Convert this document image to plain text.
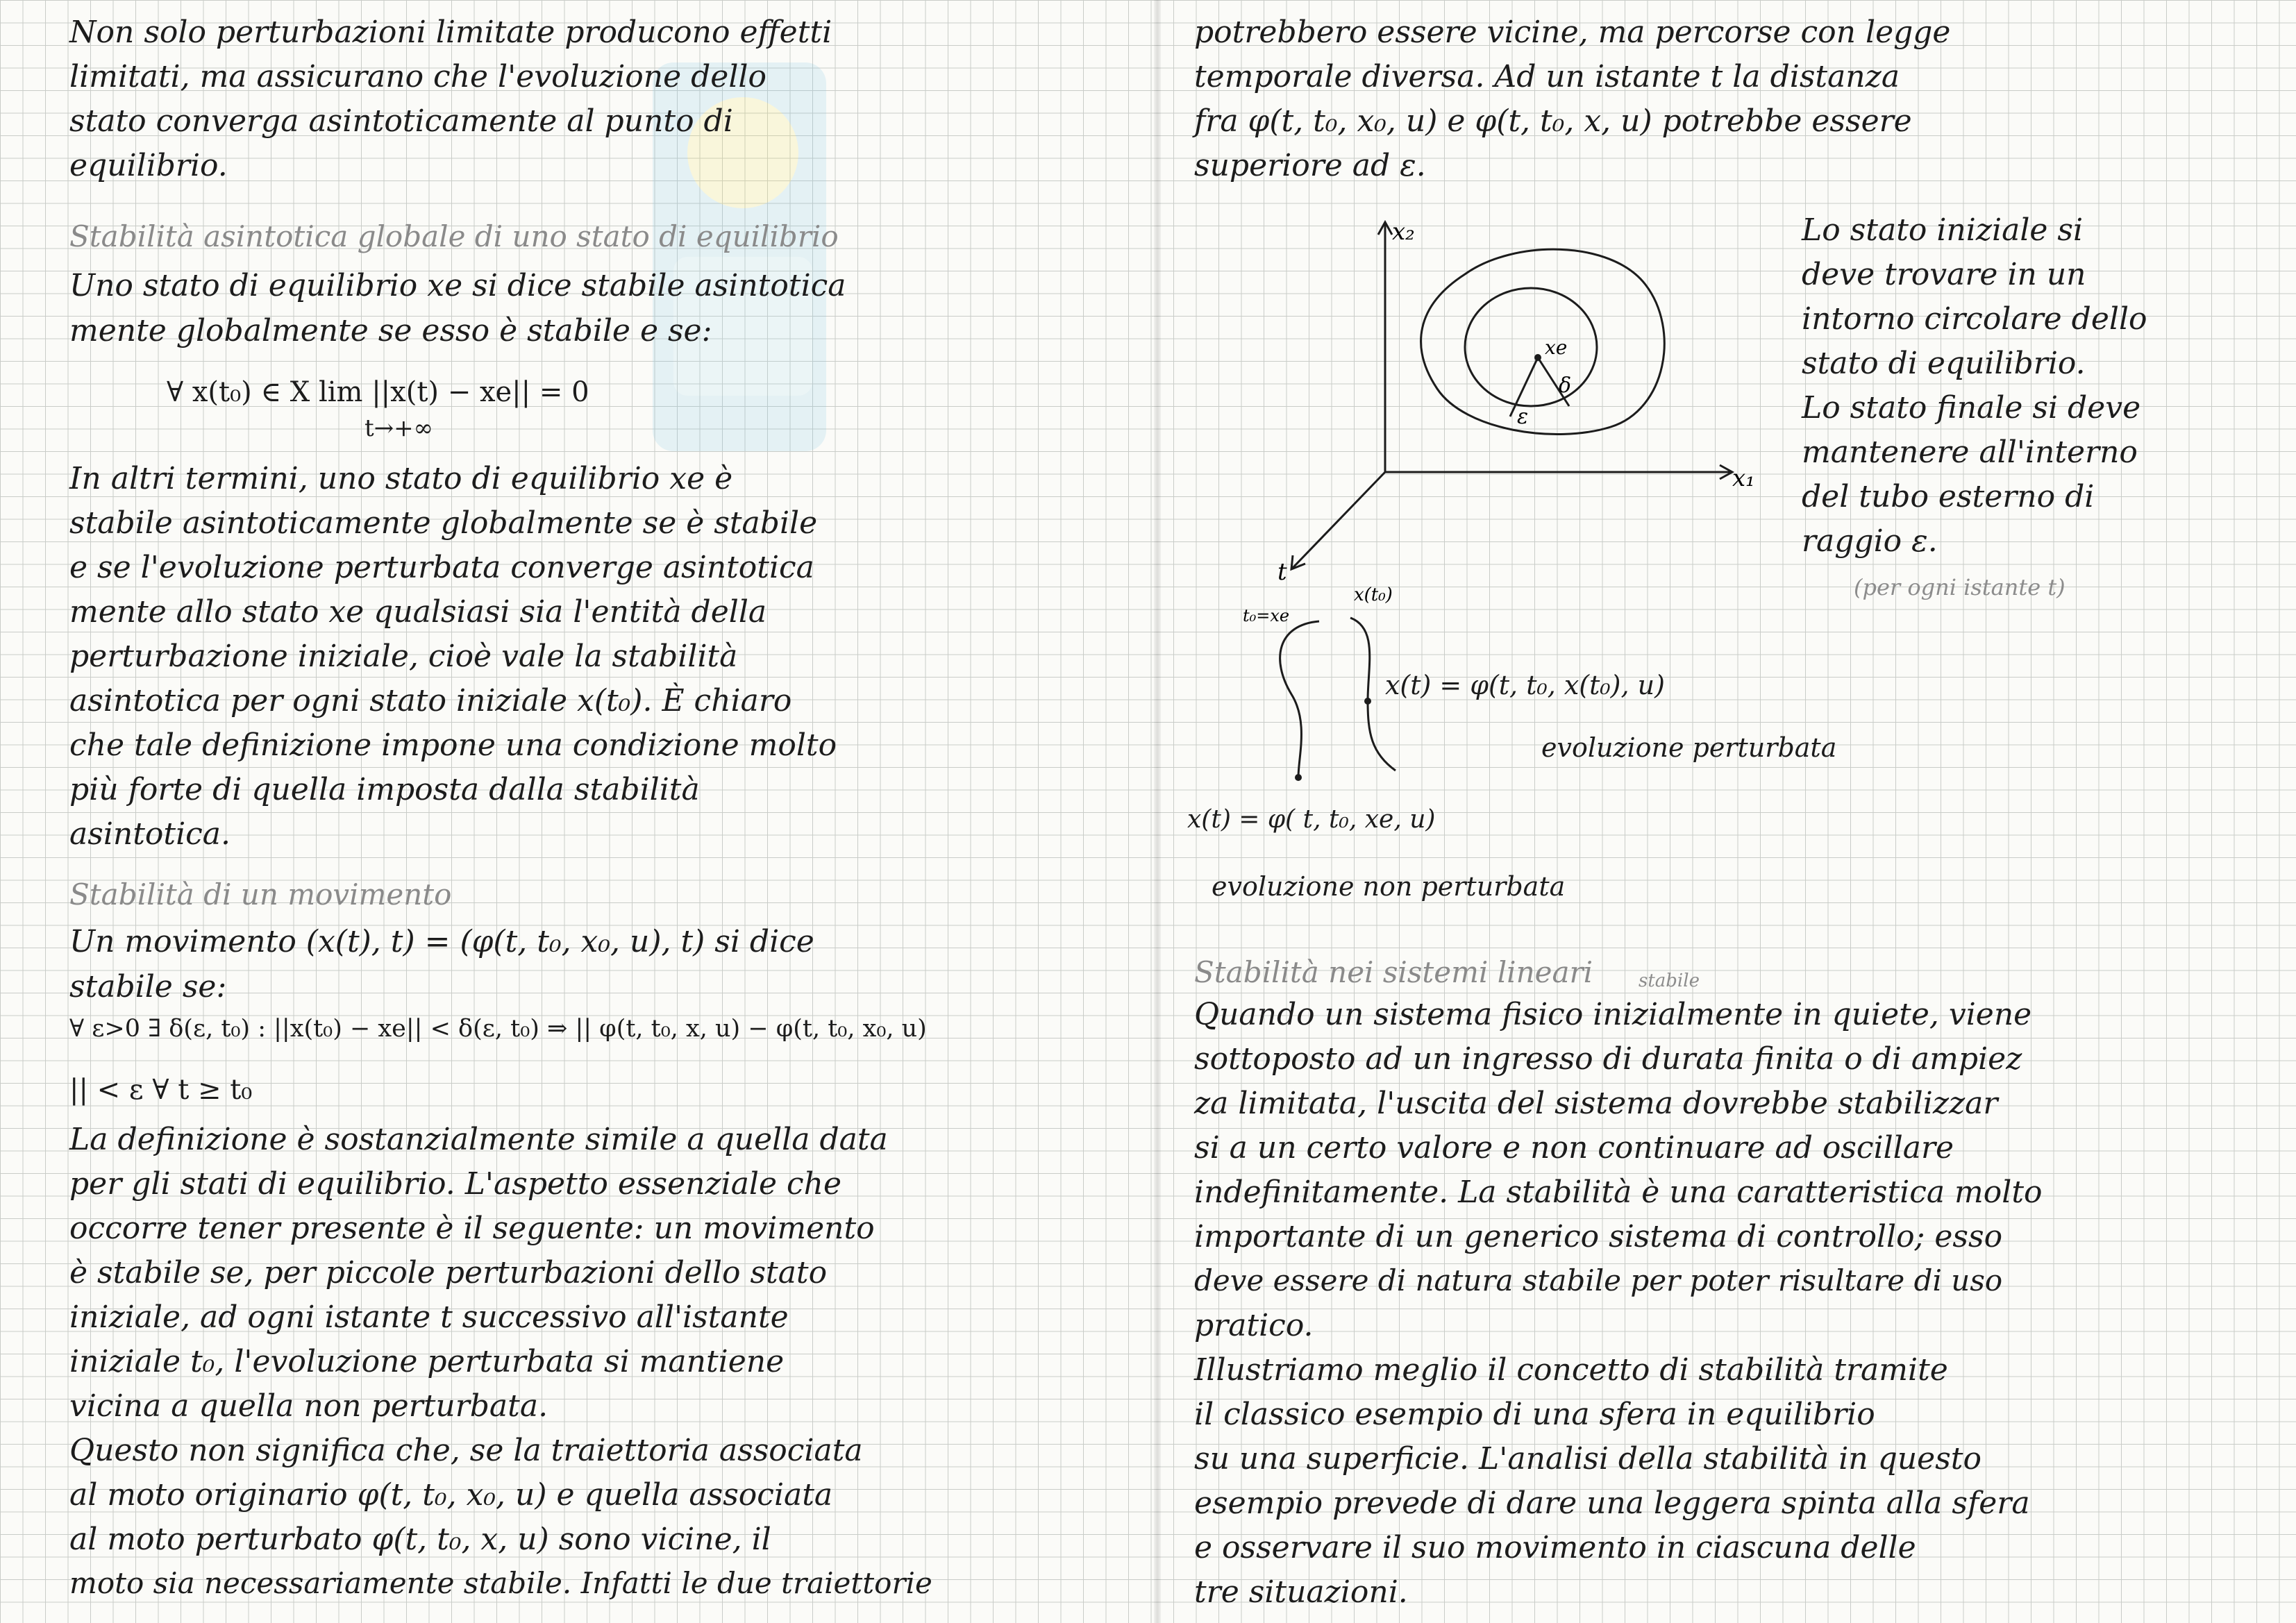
Non solo perturbazioni limitate producono effetti
limitati, ma assicurano che l'evoluzione dello
stato converga asintoticamente al punto di
equilibrio.
Stabilità asintotica globale di uno stato di equilibrio
Uno stato di equilibrio xe si dice stabile asintotica
mente globalmente se esso è stabile e se:
∀ x(t₀) ∈ X lim ||x(t) − xe|| = 0
t→+∞
In altri termini, uno stato di equilibrio xe è
stabile asintoticamente globalmente se è stabile
e se l'evoluzione perturbata converge asintotica
mente allo stato xe qualsiasi sia l'entità della
perturbazione iniziale, cioè vale la stabilità
asintotica per ogni stato iniziale x(t₀). È chiaro
che tale definizione impone una condizione molto
più forte di quella imposta dalla stabilità
asintotica.
Stabilità di un movimento
Un movimento (x(t), t) = (φ(t, t₀, x₀, u), t) si dice
stabile se:
∀ ε>0 ∃ δ(ε, t₀) : ||x(t₀) − xe|| < δ(ε, t₀) ⇒ || φ(t, t₀, x, u) − φ(t, t₀, x₀, u)
|| < ε ∀ t ≥ t₀
La definizione è sostanzialmente simile a quella data
per gli stati di equilibrio. L'aspetto essenziale che
occorre tener presente è il seguente: un movimento
è stabile se, per piccole perturbazioni dello stato
iniziale, ad ogni istante t successivo all'istante
iniziale t₀, l'evoluzione perturbata si mantiene
vicina a quella non perturbata.
Questo non significa che, se la traiettoria associata
al moto originario φ(t, t₀, x₀, u) e quella associata
al moto perturbato φ(t, t₀, x, u) sono vicine, il
moto sia necessariamente stabile. Infatti le due traiettorie
potrebbero essere vicine, ma percorse con legge
temporale diversa. Ad un istante t la distanza
fra φ(t, t₀, x₀, u) e φ(t, t₀, x, u) potrebbe essere
superiore ad ε.
Lo stato iniziale si
deve trovare in un
intorno circolare dello
stato di equilibrio.
Lo stato finale si deve
mantenere all'interno
del tubo esterno di
raggio ε.
(per ogni istante t)
Stabilità nei sistemi lineari	stabile
Quando un sistema fisico inizialmente in quiete, viene
sottoposto ad un ingresso di durata finita o di ampiez
za limitata, l'uscita del sistema dovrebbe stabilizzar
si a un certo valore e non continuare ad oscillare
indefinitamente. La stabilità è una caratteristica molto
importante di un generico sistema di controllo; esso
deve essere di natura stabile per poter risultare di uso
pratico.
Illustriamo meglio il concetto di stabilità tramite
il classico esempio di una sfera in equilibrio
su una superficie. L'analisi della stabilità in questo
esempio prevede di dare una leggera spinta alla sfera
e osservare il suo movimento in ciascuna delle
tre situazioni.
x₂
x₁
t
xe
δ
ε
t₀=xe
x(t₀)
x(t) = φ(t, t₀, x(t₀), u)
evoluzione perturbata
x(t) = φ( t, t₀, xe, u)
evoluzione non perturbata
